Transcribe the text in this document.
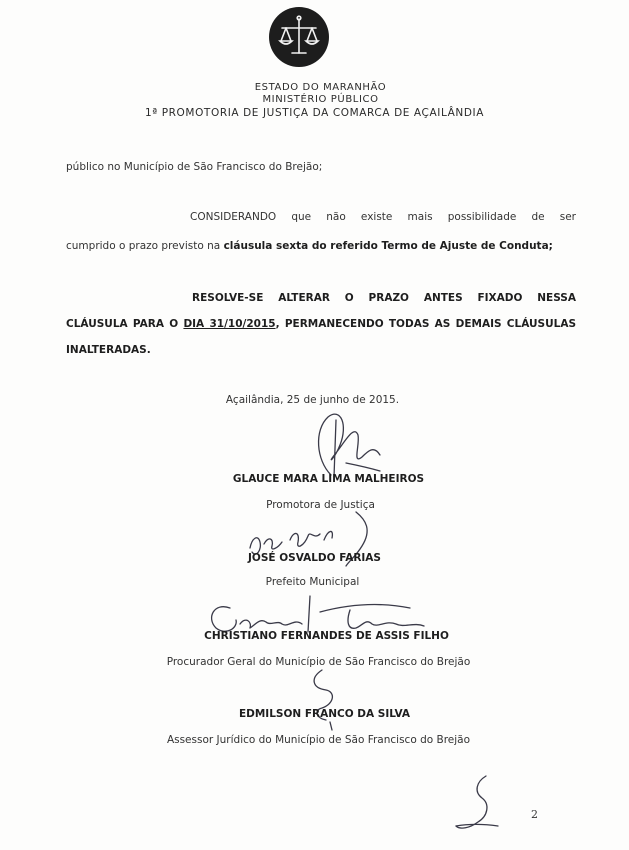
ESTADO DO MARANHÃO
MINISTÉRIO PÚBLICO
1ª PROMOTORIA DE JUSTIÇA DA COMARCA DE AÇAILÂNDIA
público no Município de São Francisco do Brejão;
CONSIDERANDO que não existe mais possibilidade de ser
cumprido o prazo previsto na cláusula sexta do referido Termo de Ajuste de Conduta;
RESOLVE-SE ALTERAR O PRAZO ANTES FIXADO NESSA
CLÁUSULA PARA O DIA 31/10/2015, PERMANECENDO TODAS AS DEMAIS CLÁUSULAS
INALTERADAS.
Açailândia, 25 de junho de 2015.
GLAUCE MARA LIMA MALHEIROS
Promotora de Justiça
JOSÉ OSVALDO FARIAS
Prefeito Municipal
CHRISTIANO FERNANDES DE ASSIS FILHO
Procurador Geral do Município de São Francisco do Brejão
EDMILSON FRANCO DA SILVA
Assessor Jurídico do Município de São Francisco do Brejão
2
